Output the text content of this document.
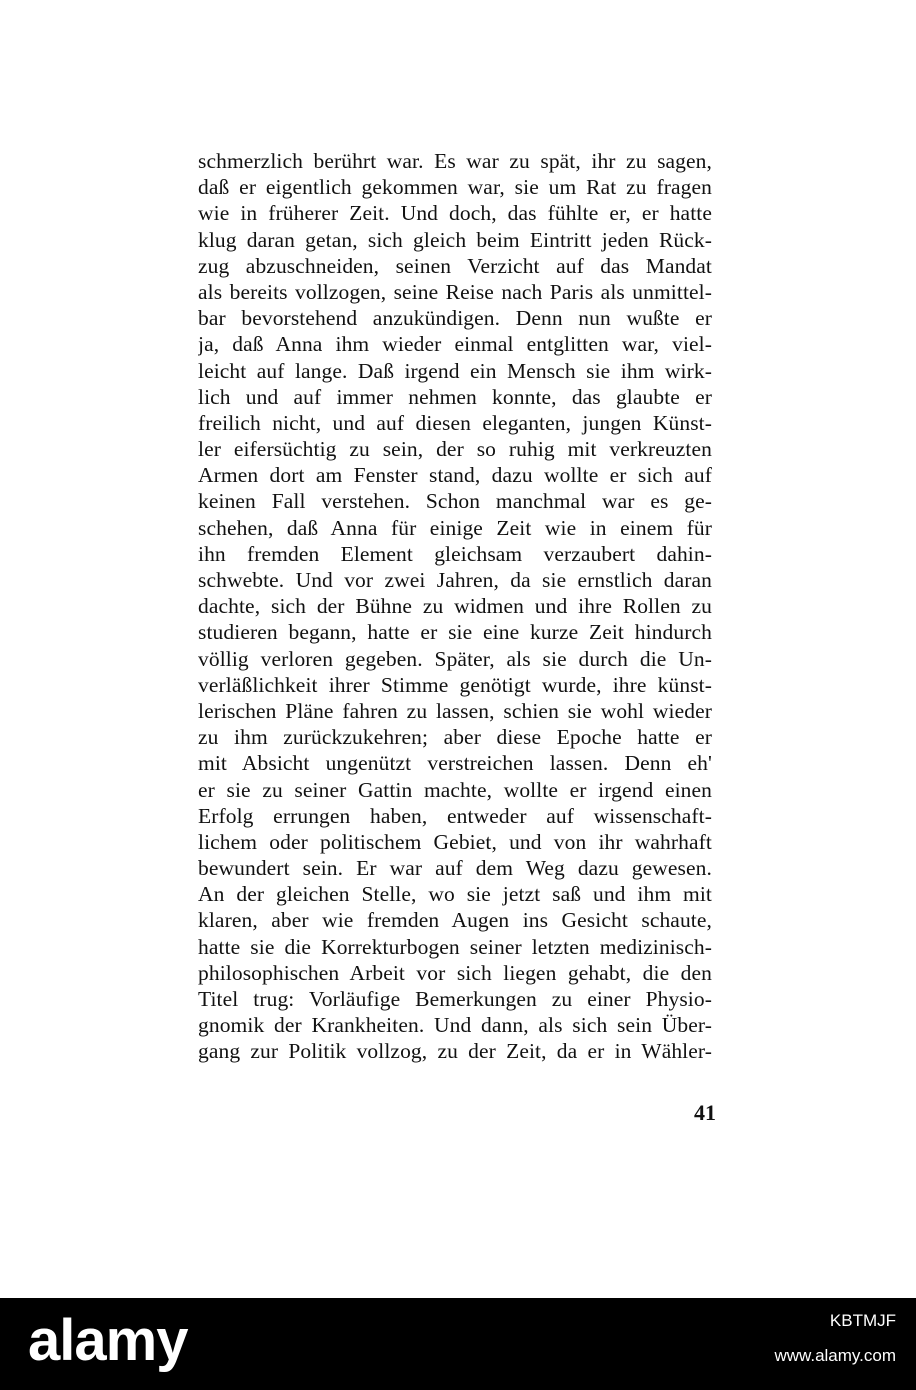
schmerzlich berührt war. Es war zu spät, ihr zu sagen,
daß er eigentlich gekommen war, sie um Rat zu fragen
wie in früherer Zeit. Und doch, das fühlte er, er hatte
klug daran getan, sich gleich beim Eintritt jeden Rück-
zug abzuschneiden, seinen Verzicht auf das Mandat
als bereits vollzogen, seine Reise nach Paris als unmittel-
bar bevorstehend anzukündigen. Denn nun wußte er
ja, daß Anna ihm wieder einmal entglitten war, viel-
leicht auf lange. Daß irgend ein Mensch sie ihm wirk-
lich und auf immer nehmen konnte, das glaubte er
freilich nicht, und auf diesen eleganten, jungen Künst-
ler eifersüchtig zu sein, der so ruhig mit verkreuzten
Armen dort am Fenster stand, dazu wollte er sich auf
keinen Fall verstehen. Schon manchmal war es ge-
schehen, daß Anna für einige Zeit wie in einem für
ihn fremden Element gleichsam verzaubert dahin-
schwebte. Und vor zwei Jahren, da sie ernstlich daran
dachte, sich der Bühne zu widmen und ihre Rollen zu
studieren begann, hatte er sie eine kurze Zeit hindurch
völlig verloren gegeben. Später, als sie durch die Un-
verläßlichkeit ihrer Stimme genötigt wurde, ihre künst-
lerischen Pläne fahren zu lassen, schien sie wohl wieder
zu ihm zurückzukehren; aber diese Epoche hatte er
mit Absicht ungenützt verstreichen lassen. Denn eh'
er sie zu seiner Gattin machte, wollte er irgend einen
Erfolg errungen haben, entweder auf wissenschaft-
lichem oder politischem Gebiet, und von ihr wahrhaft
bewundert sein. Er war auf dem Weg dazu gewesen.
An der gleichen Stelle, wo sie jetzt saß und ihm mit
klaren, aber wie fremden Augen ins Gesicht schaute,
hatte sie die Korrekturbogen seiner letzten medizinisch-
philosophischen Arbeit vor sich liegen gehabt, die den
Titel trug: Vorläufige Bemerkungen zu einer Physio-
gnomik der Krankheiten. Und dann, als sich sein Über-
gang zur Politik vollzog, zu der Zeit, da er in Wähler-
41
alamy	KBTMJF
www.alamy.com
